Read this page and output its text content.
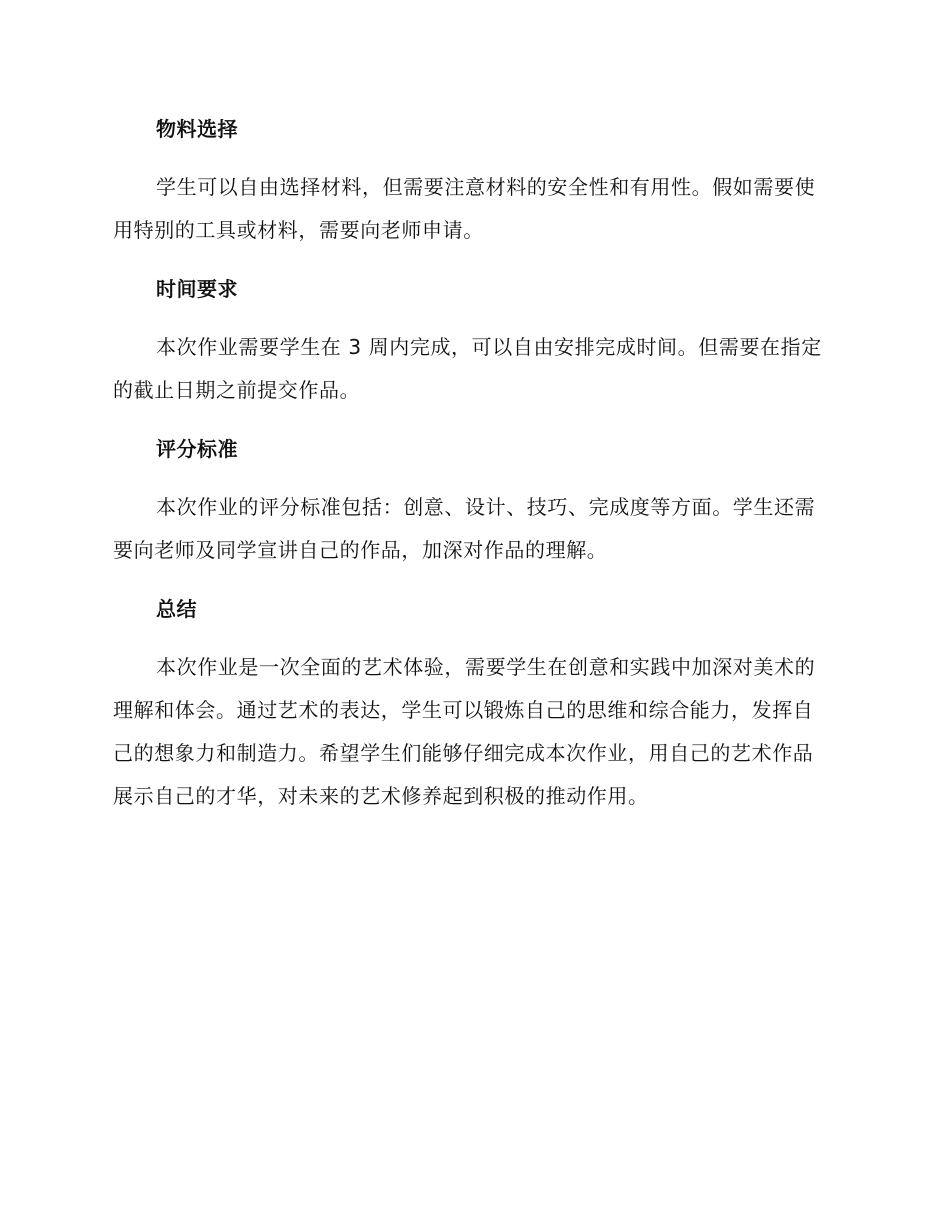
物料选择

学生可以自由选择材料，但需要注意材料的安全性和有用性。假如需要使用特别的工具或材料，需要向老师申请。

时间要求

本次作业需要学生在 3 周内完成，可以自由安排完成时间。但需要在指定的截止日期之前提交作品。

评分标准

本次作业的评分标准包括：创意、设计、技巧、完成度等方面。学生还需要向老师及同学宣讲自己的作品，加深对作品的理解。

总结

本次作业是一次全面的艺术体验，需要学生在创意和实践中加深对美术的理解和体会。通过艺术的表达，学生可以锻炼自己的思维和综合能力，发挥自己的想象力和制造力。希望学生们能够仔细完成本次作业，用自己的艺术作品展示自己的才华，对未来的艺术修养起到积极的推动作用。
